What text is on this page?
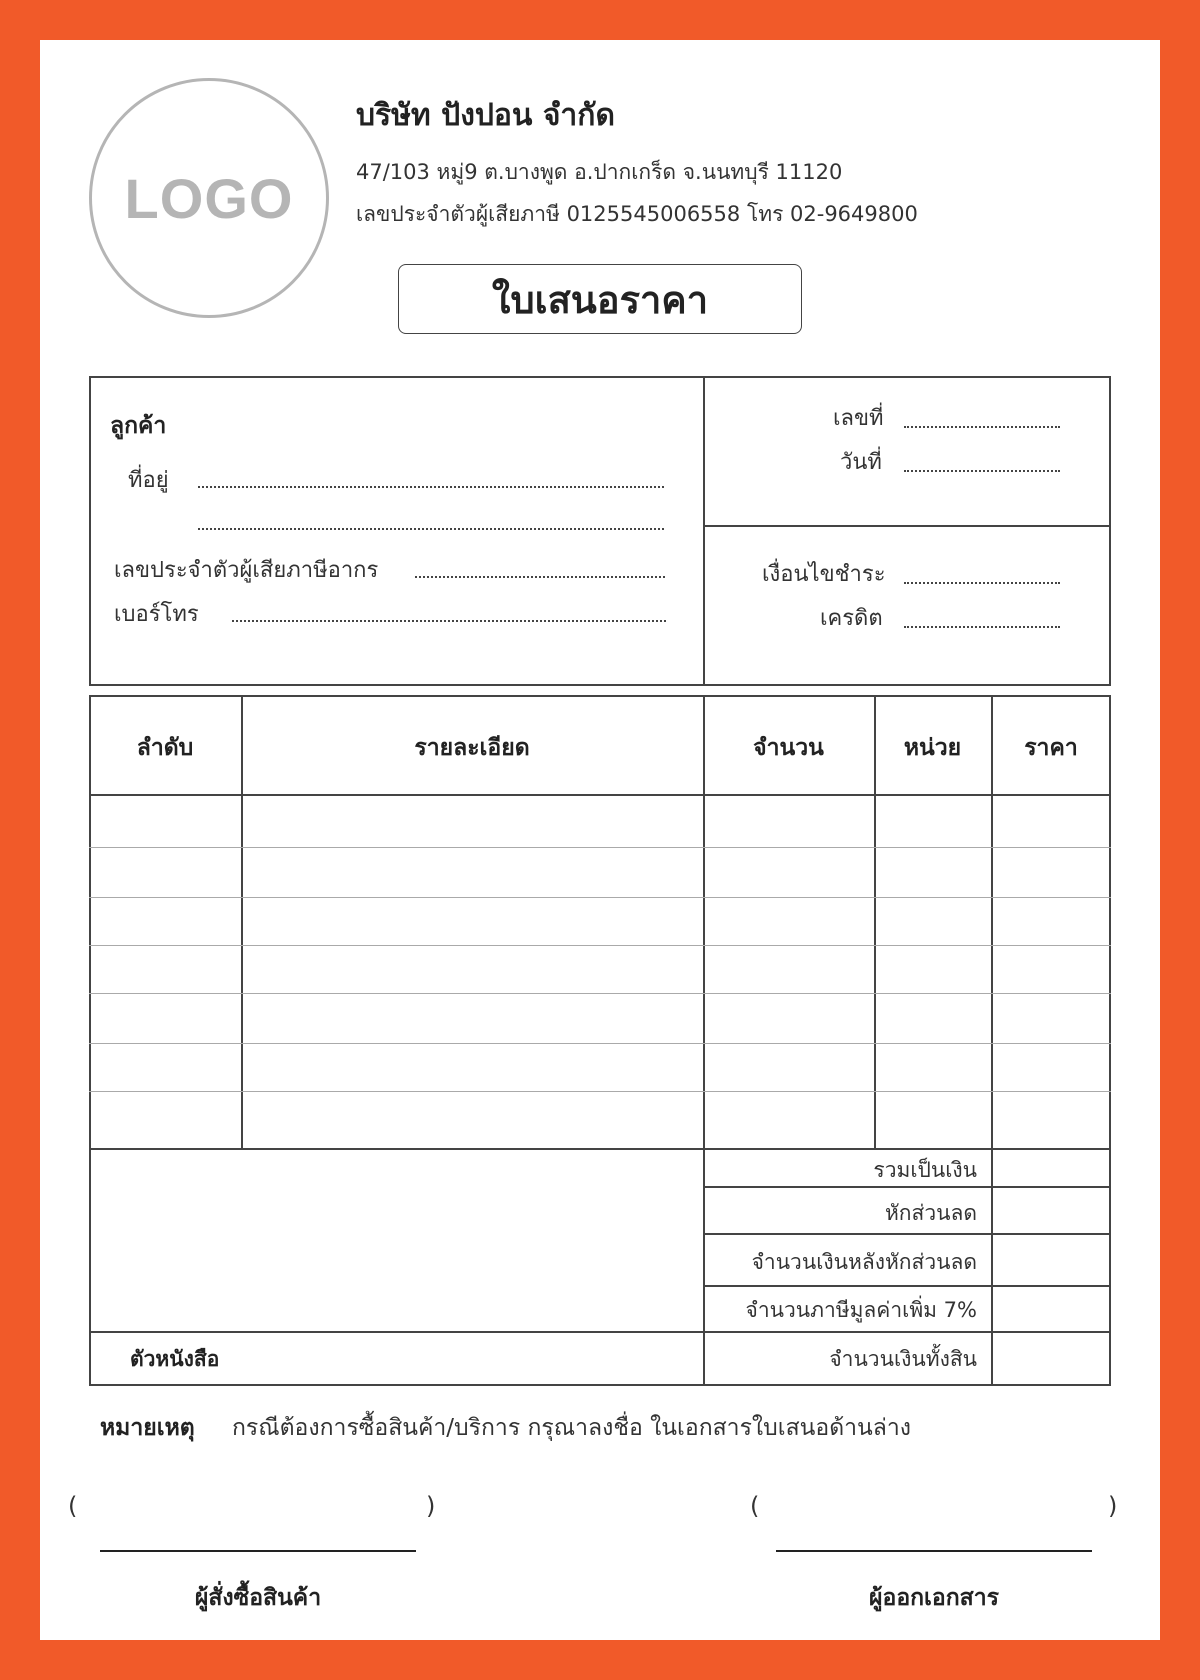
LOGO
บริษัท ปังปอน จำกัด
47/103 หมู่9 ต.บางพูด อ.ปากเกร็ด จ.นนทบุรี 11120
เลขประจำตัวผู้เสียภาษี 0125545006558 โทร 02-9649800
ใบเสนอราคา
ลูกค้า
ที่อยู่
เลขประจำตัวผู้เสียภาษีอากร
เบอร์โทร
เลขที่
วันที่
เงื่อนไขชำระ
เครดิต
ลำดับ	รายละเอียด	จำนวน	หน่วย	ราคา
รวมเป็นเงิน
หักส่วนลด
จำนวนเงินหลังหักส่วนลด
จำนวนภาษีมูลค่าเพิ่ม 7%
จำนวนเงินทั้งสิน
ตัวหนังสือ
หมายเหตุ กรณีต้องการซื้อสินค้า/บริการ กรุณาลงชื่อ ในเอกสารใบเสนอด้านล่าง
(	)
ผู้สั่งซื้อสินค้า
(	)
ผู้ออกเอกสาร
